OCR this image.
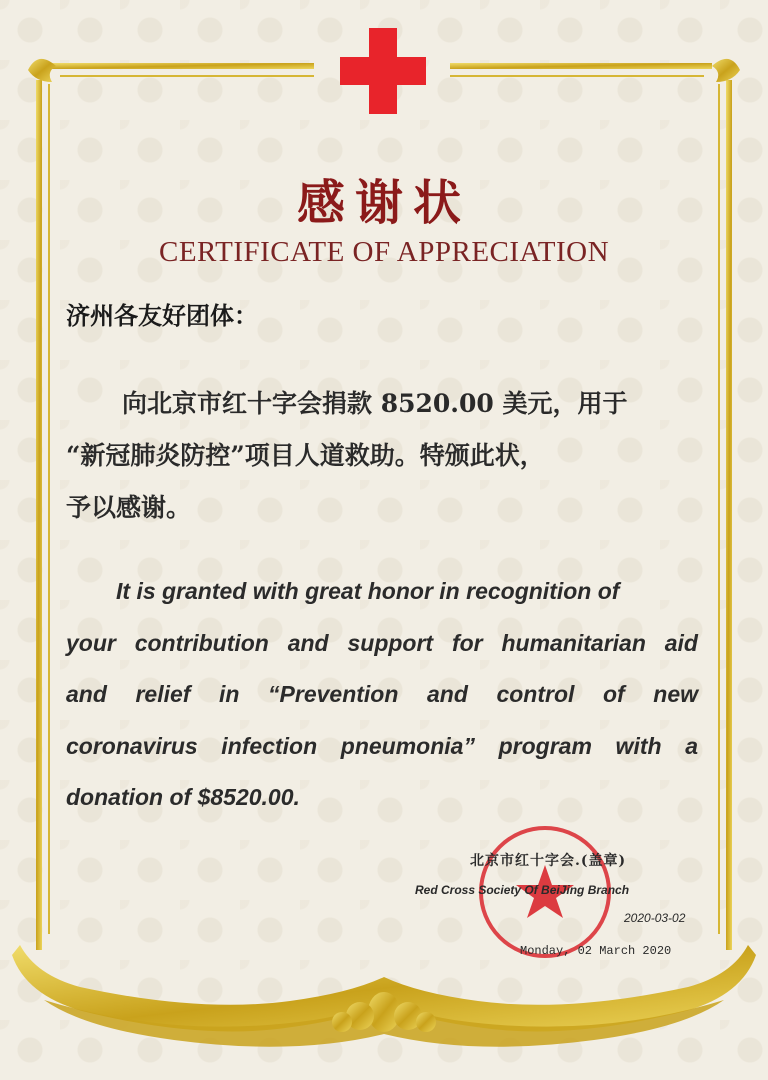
感谢状
CERTIFICATE OF APPRECIATION
济州各友好团体：
向北京市红十字会捐款 8520.00 美元，用于
“新冠肺炎防控”项目人道救助。特颁此状，
予以感谢。
It is granted with great honor in recognition of
your contribution and support for humanitarian aid
and relief in “Prevention and control of new
coronavirus infection pneumonia” program with a
donation of $8520.00.
北京市红十字会.(盖章)
Red Cross Society Of BeiJing Branch
2020-03-02
Monday, 02 March 2020
